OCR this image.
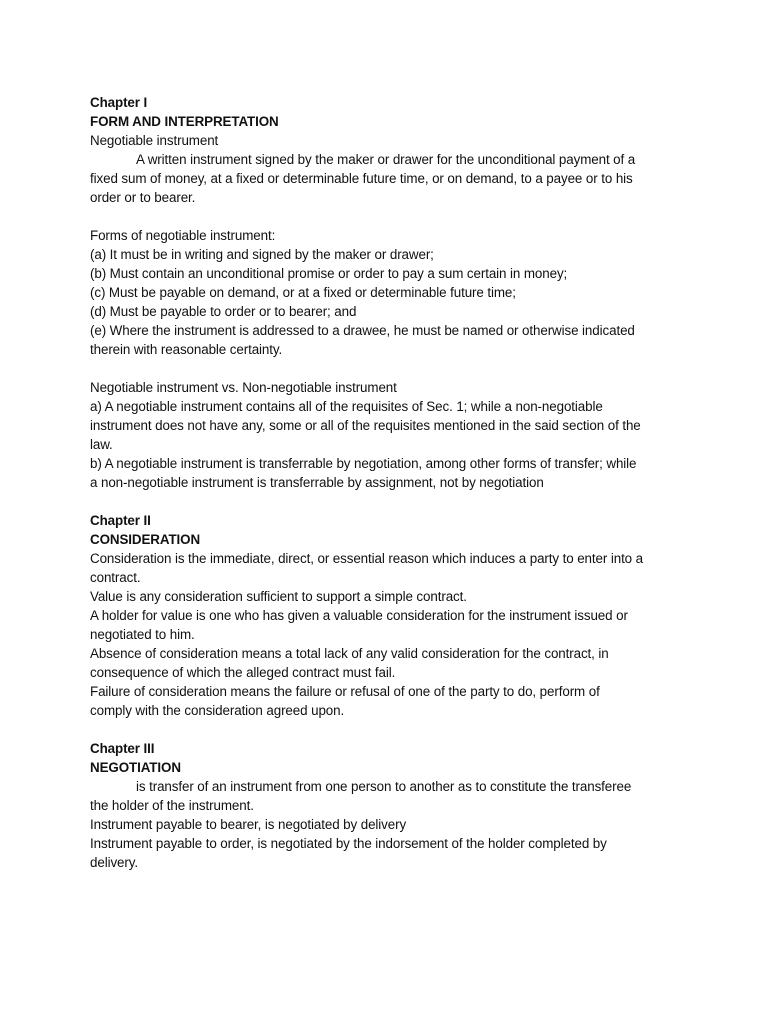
Chapter I
FORM AND INTERPRETATION
Negotiable instrument
A written instrument signed by the maker or drawer for the unconditional payment of a
fixed sum of money, at a fixed or determinable future time, or on demand, to a payee or to his
order or to bearer.
Forms of negotiable instrument:
(a) It must be in writing and signed by the maker or drawer;
(b) Must contain an unconditional promise or order to pay a sum certain in money;
(c) Must be payable on demand, or at a fixed or determinable future time;
(d) Must be payable to order or to bearer; and
(e) Where the instrument is addressed to a drawee, he must be named or otherwise indicated
therein with reasonable certainty.
Negotiable instrument vs. Non-negotiable instrument
a) A negotiable instrument contains all of the requisites of Sec. 1; while a non-negotiable
instrument does not have any, some or all of the requisites mentioned in the said section of the
law.
b) A negotiable instrument is transferrable by negotiation, among other forms of transfer; while
a non-negotiable instrument is transferrable by assignment, not by negotiation
Chapter II
CONSIDERATION
Consideration is the immediate, direct, or essential reason which induces a party to enter into a
contract.
Value is any consideration sufficient to support a simple contract.
A holder for value is one who has given a valuable consideration for the instrument issued or
negotiated to him.
Absence of consideration means a total lack of any valid consideration for the contract, in
consequence of which the alleged contract must fail.
Failure of consideration means the failure or refusal of one of the party to do, perform of
comply with the consideration agreed upon.
Chapter III
NEGOTIATION
is transfer of an instrument from one person to another as to constitute the transferee
the holder of the instrument.
Instrument payable to bearer, is negotiated by delivery
Instrument payable to order, is negotiated by the indorsement of the holder completed by
delivery.
